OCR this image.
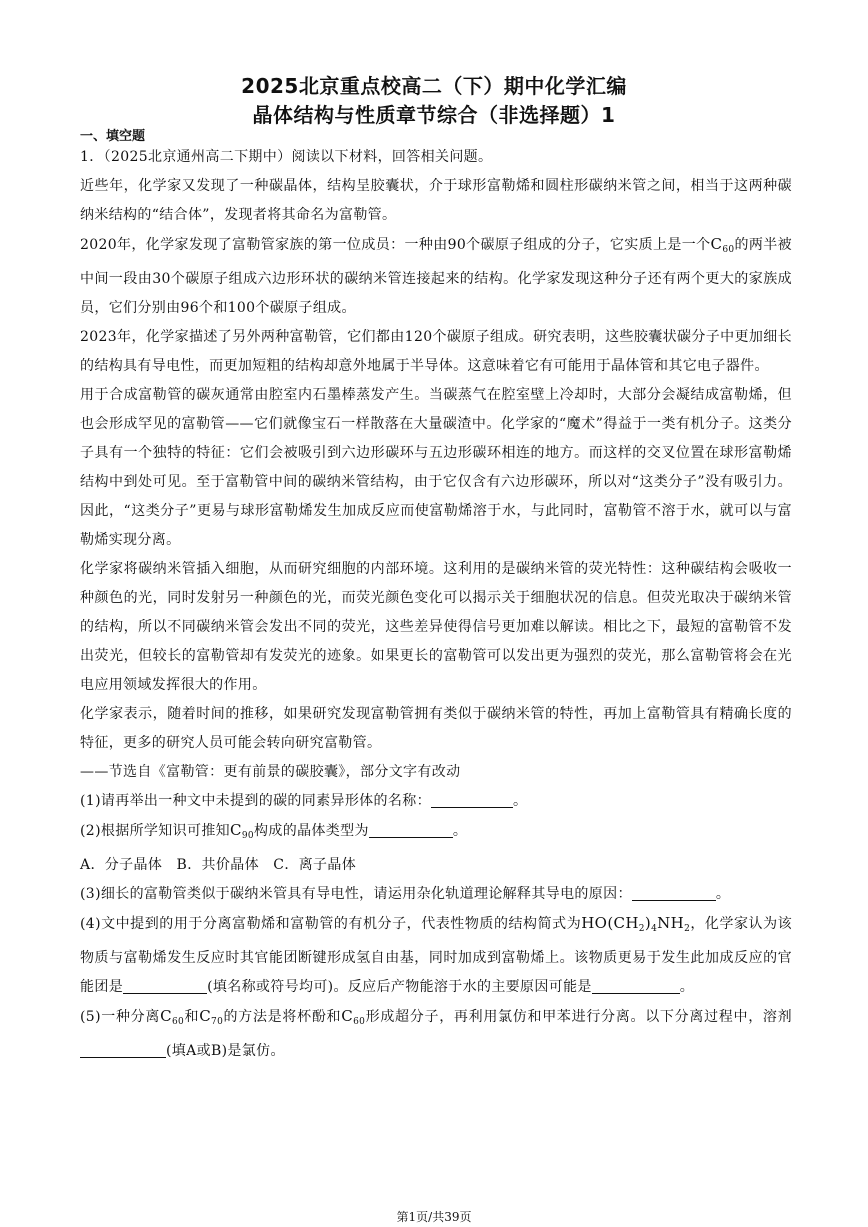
2025北京重点校高二（下）期中化学汇编
晶体结构与性质章节综合（非选择题）1
一、填空题

1．（2025北京通州高二下期中）阅读以下材料，回答相关问题。

近些年，化学家又发现了一种碳晶体，结构呈胶囊状，介于球形富勒烯和圆柱形碳纳米管之间，相当于这两种碳纳米结构的“结合体”，发现者将其命名为富勒管。

2020年，化学家发现了富勒管家族的第一位成员：一种由90个碳原子组成的分子，它实质上是一个$C_{60}$的两半被中间一段由30个碳原子组成六边形环状的碳纳米管连接起来的结构。化学家发现这种分子还有两个更大的家族成员，它们分别由96个和100个碳原子组成。

2023年，化学家描述了另外两种富勒管，它们都由120个碳原子组成。研究表明，这些胶囊状碳分子中更加细长的结构具有导电性，而更加短粗的结构却意外地属于半导体。这意味着它有可能用于晶体管和其它电子器件。

用于合成富勒管的碳灰通常由腔室内石墨棒蒸发产生。当碳蒸气在腔室壁上冷却时，大部分会凝结成富勒烯，但也会形成罕见的富勒管——它们就像宝石一样散落在大量碳渣中。化学家的“魔术”得益于一类有机分子。这类分子具有一个独特的特征：它们会被吸引到六边形碳环与五边形碳环相连的地方。而这样的交叉位置在球形富勒烯结构中到处可见。至于富勒管中间的碳纳米管结构，由于它仅含有六边形碳环，所以对“这类分子”没有吸引力。因此，“这类分子”更易与球形富勒烯发生加成反应而使富勒烯溶于水，与此同时，富勒管不溶于水，就可以与富勒烯实现分离。

化学家将碳纳米管插入细胞，从而研究细胞的内部环境。这利用的是碳纳米管的荧光特性：这种碳结构会吸收一种颜色的光，同时发射另一种颜色的光，而荧光颜色变化可以揭示关于细胞状况的信息。但荧光取决于碳纳米管的结构，所以不同碳纳米管会发出不同的荧光，这些差异使得信号更加难以解读。相比之下，最短的富勒管不发出荧光，但较长的富勒管却有发荧光的迹象。如果更长的富勒管可以发出更为强烈的荧光，那么富勒管将会在光电应用领域发挥很大的作用。

化学家表示，随着时间的推移，如果研究发现富勒管拥有类似于碳纳米管的特性，再加上富勒管具有精确长度的特征，更多的研究人员可能会转向研究富勒管。

——节选自《富勒管：更有前景的碳胶囊》，部分文字有改动

(1)请再举出一种文中未提到的碳的同素异形体的名称：	。

(2)根据所学知识可推知$C_{90}$构成的晶体类型为	。

A．分子晶体　B．共价晶体　C．离子晶体

(3)细长的富勒管类似于碳纳米管具有导电性，请运用杂化轨道理论解释其导电的原因：	。

(4)文中提到的用于分离富勒烯和富勒管的有机分子，代表性物质的结构简式为$HO(CH_2)_4NH_2$，化学家认为该物质与富勒烯发生反应时其官能团断键形成氢自由基，同时加成到富勒烯上。该物质更易于发生此加成反应的官能团是	(填名称或符号均可)。反应后产物能溶于水的主要原因可能是	。

(5)一种分离$C_{60}$和$C_{70}$的方法是将杯酚和$C_{60}$形成超分子，再利用氯仿和甲苯进行分离。以下分离过程中，溶剂(填A或B)是氯仿。

第1页/共39页
